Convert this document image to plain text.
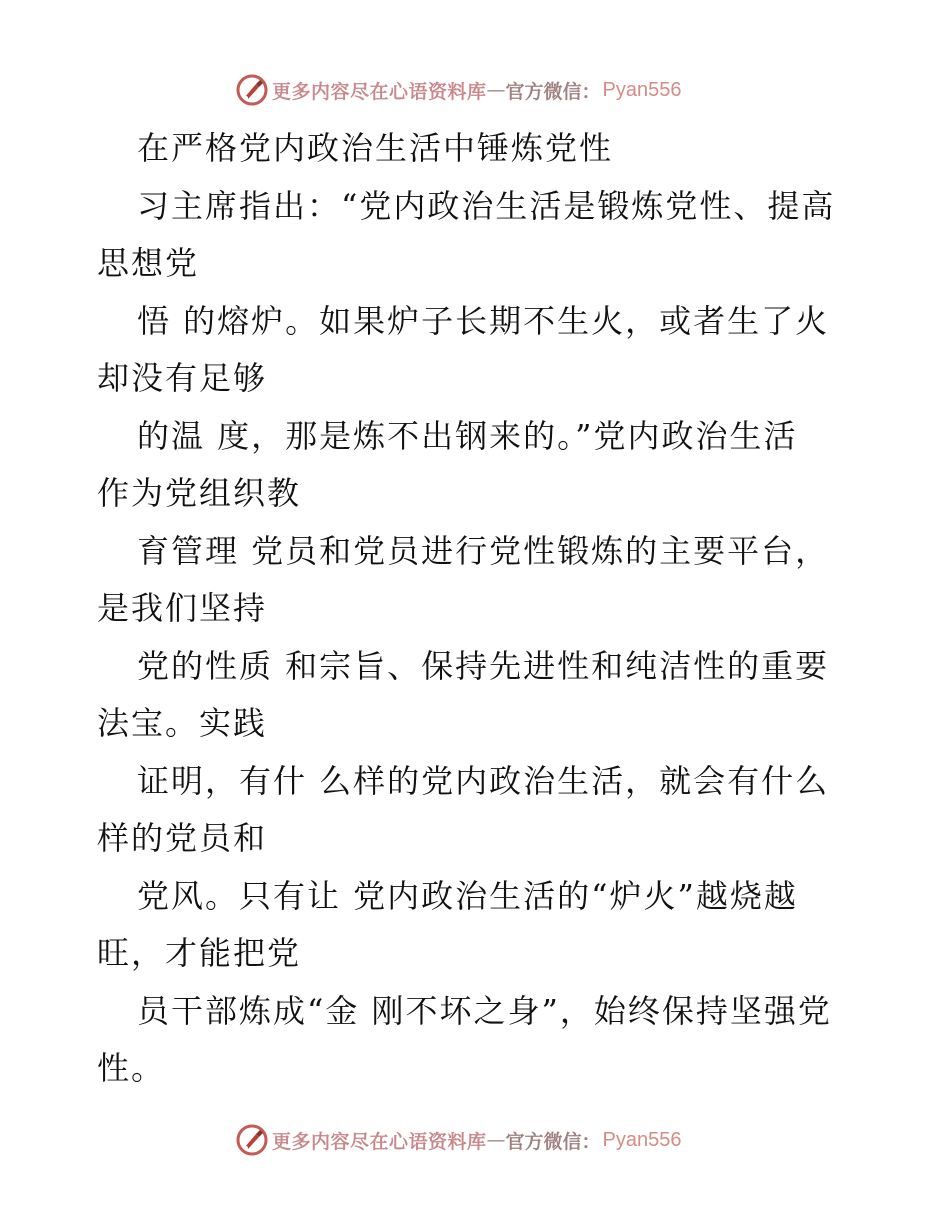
更多内容尽在心语资料库 — 官方微信： Pyan556

在严格党内政治生活中锤炼党性

习主席指出：“党内政治生活是锻炼党性、提高

思想党

悟 的熔炉。如果炉子长期不生火，或者生了火

却没有足够

的温 度，那是炼不出钢来的。”党内政治生活

作为党组织教

育管理 党员和党员进行党性锻炼的主要平台，

是我们坚持

党的性质 和宗旨、保持先进性和纯洁性的重要

法宝。实践

证明，有什 么样的党内政治生活，就会有什么

样的党员和

党风。只有让 党内政治生活的“炉火”越烧越

旺，才能把党

员干部炼成“金 刚不坏之身”，始终保持坚强党

性。

更多内容尽在心语资料库 — 官方微信： Pyan556
